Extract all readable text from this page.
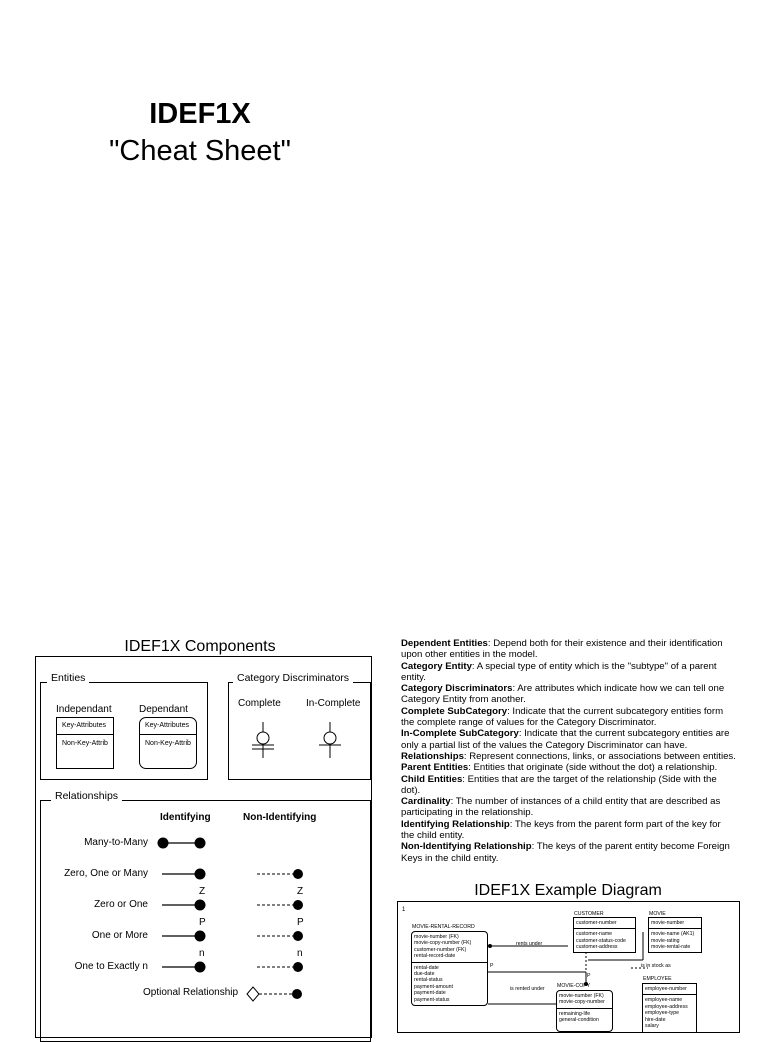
IDEF1X
"Cheat Sheet"
IDEF1X Components
Entities
Independant	Dependant
Key-Attributes
Non-Key-Attrib
Key-Attributes
Non-Key-Attrib
Category Discriminators
Complete	In-Complete
Relationships
Identifying	Non-Identifying
Many-to-Many
Zero, One or Many
Zero or One
Z	Z
One or More
P	P
One to Exactly n
n	n
Optional Relationship

Dependent Entities: Depend both for their existence and their identification upon other entities in the model.

Category Entity: A special type of entity which is the "subtype" of a parent entity.

Category Discriminators: Are attributes which indicate how we can tell one Category Entity from another.

Complete SubCategory: Indicate that the current subcategory entities form the complete range of values for the Category Discriminator.

In-Complete SubCategory: Indicate that the current subcategory entities are only a partial list of the values the Category Discriminator can have.

Relationships: Represent connections, links, or associations between entities.

Parent Entities: Entities that originate (side without the dot) a relationship.

Child Entities: Entities that are the target of the relationship (Side with the dot).

Cardinality: The number of instances of a child entity that are described as participating in the relationship.

Identifying Relationship: The keys from the parent form part of the key for the child entity.

Non-Identifying Relationship: The keys of the parent entity become Foreign Keys in the child entity.

IDEF1X Example Diagram
1
MOVIE-RENTAL-RECORD
movie-number (FK)
movie-copy-number (FK)
customer-number (FK)
rental-record-date
rental-date
due-date
rental-status
payment-amount
payment-date
payment-status
CUSTOMER
customer-number
customer-name
customer-status-code
customer-address
MOVIE
movie-number
movie-name (AK1)
movie-rating
movie-rental-rate
MOVIE-COPY
movie-number (FK)
movie-copy-number
remaining-life
general-condition
EMPLOYEE
employee-number
employee-name
employee-address
employee-type
hire-date
salary
rents under
is in stock as
is rented under
P
P
